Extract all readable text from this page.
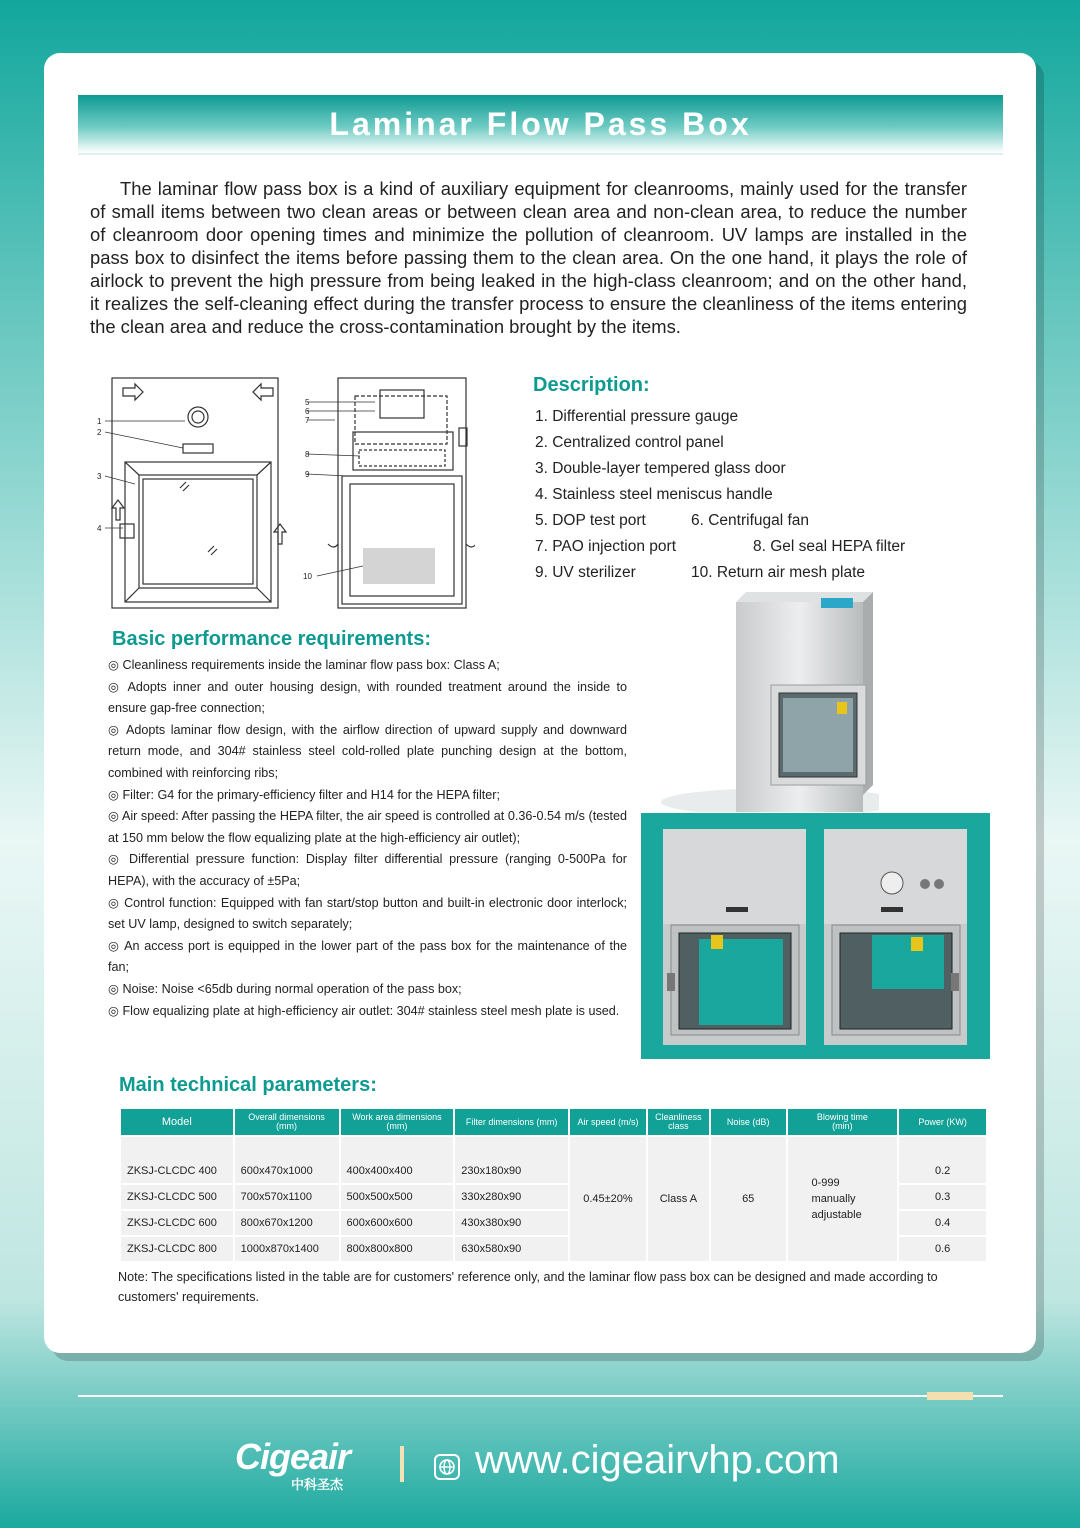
Laminar Flow Pass Box

The laminar flow pass box is a kind of auxiliary equipment for cleanrooms, mainly used for the transfer of small items between two clean areas or between clean area and non-clean area, to reduce the number of cleanroom door opening times and minimize the pollution of cleanroom. UV lamps are installed in the pass box to disinfect the items before passing them to the clean area. On the one hand, it plays the role of airlock to prevent the high pressure from being leaked in the high-class cleanroom; and on the other hand, it realizes the self-cleaning effect during the transfer process to ensure the cleanliness of the items entering the clean area and reduce the cross-contamination brought by the items.

1
2
3
4
5
6
7
8
9
10
Description:
1. Differential pressure gauge
2. Centralized control panel
3. Double-layer tempered glass door
4. Stainless steel meniscus handle
5. DOP test port	6. Centrifugal fan
7. PAO injection port	8. Gel seal HEPA filter
9. UV sterilizer	10. Return air mesh plate
Basic performance requirements:

◎ Cleanliness requirements inside the laminar flow pass box: Class A;

◎ Adopts inner and outer housing design, with rounded treatment around the inside to ensure gap-free connection;

◎ Adopts laminar flow design, with the airflow direction of upward supply and downward return mode, and 304# stainless steel cold-rolled plate punching design at the bottom, combined with reinforcing ribs;

◎ Filter: G4 for the primary-efficiency filter and H14 for the HEPA filter;

◎ Air speed: After passing the HEPA filter, the air speed is controlled at 0.36-0.54 m/s (tested at 150 mm below the flow equalizing plate at the high-efficiency air outlet);

◎ Differential pressure function: Display filter differential pressure (ranging 0-500Pa for HEPA), with the accuracy of ±5Pa;

◎ Control function: Equipped with fan start/stop button and built-in electronic door interlock; set UV lamp, designed to switch separately;

◎ An access port is equipped in the lower part of the pass box for the maintenance of the fan;

◎ Noise: Noise <65db during normal operation of the pass box;

◎ Flow equalizing plate at high-efficiency air outlet: 304# stainless steel mesh plate is used.

Main technical parameters:
Model	Overall dimensions
(mm)	Work area dimensions
(mm)	Filter dimensions (mm)	Air speed (m/s)	Cleanliness
class	Noise (dB)	Blowing time
(min)	Power (KW)
ZKSJ-CLCDC 400	600x470x1000	400x400x400	230x180x90	0.45±20%	Class A	65	0-999
manually
adjustable	0.2
ZKSJ-CLCDC 500	700x570x1100	500x500x500	330x280x90					0.3
ZKSJ-CLCDC 600	800x670x1200	600x600x600	430x380x90					0.4
ZKSJ-CLCDC 800	1000x870x1400	800x800x800	630x580x90					0.6

Note: The specifications listed in the table are for customers' reference only, and the laminar flow pass box can be designed and made according to customers' requirements.

Cigeair
中科圣杰
www.cigeairvhp.com
